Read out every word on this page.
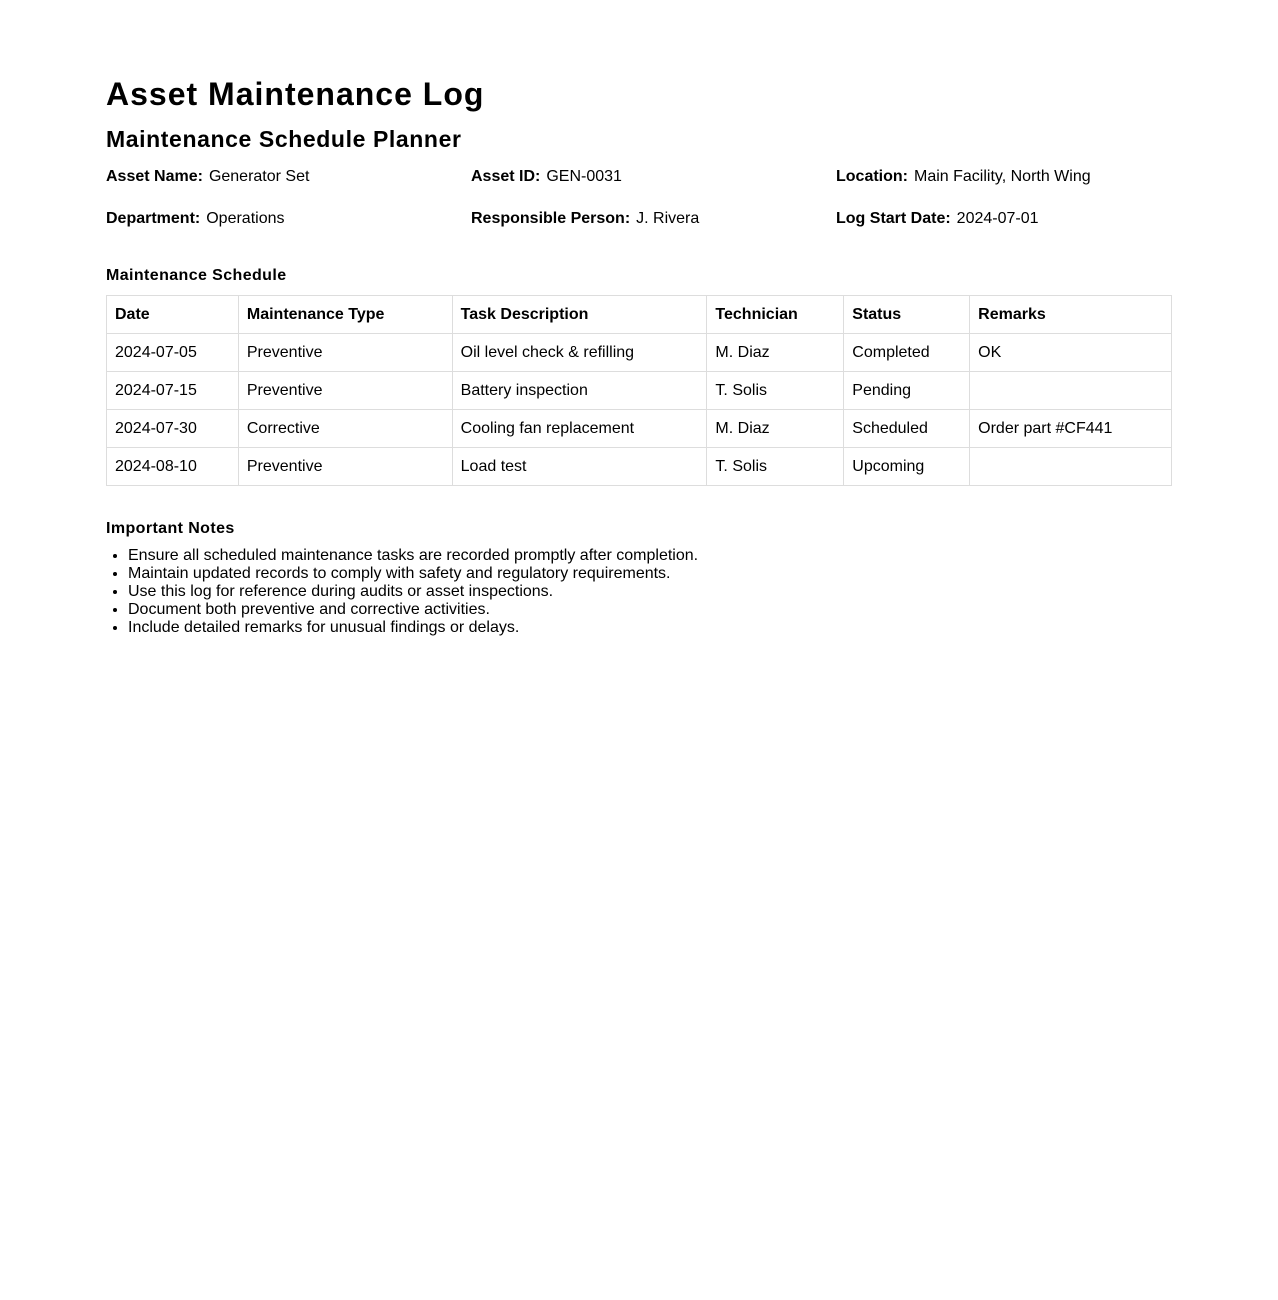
Asset Maintenance Log
Maintenance Schedule Planner
Asset Name: Generator Set	Asset ID: GEN-0031	Location: Main Facility, North Wing
Department: Operations	Responsible Person: J. Rivera	Log Start Date: 2024-07-01
Maintenance Schedule
Date	Maintenance Type	Task Description	Technician	Status	Remarks
2024-07-05	Preventive	Oil level check & refilling	M. Diaz	Completed	OK
2024-07-15	Preventive	Battery inspection	T. Solis	Pending	
2024-07-30	Corrective	Cooling fan replacement	M. Diaz	Scheduled	Order part #CF441
2024-08-10	Preventive	Load test	T. Solis	Upcoming	
Important Notes
• Ensure all scheduled maintenance tasks are recorded promptly after completion.
• Maintain updated records to comply with safety and regulatory requirements.
• Use this log for reference during audits or asset inspections.
• Document both preventive and corrective activities.
• Include detailed remarks for unusual findings or delays.
